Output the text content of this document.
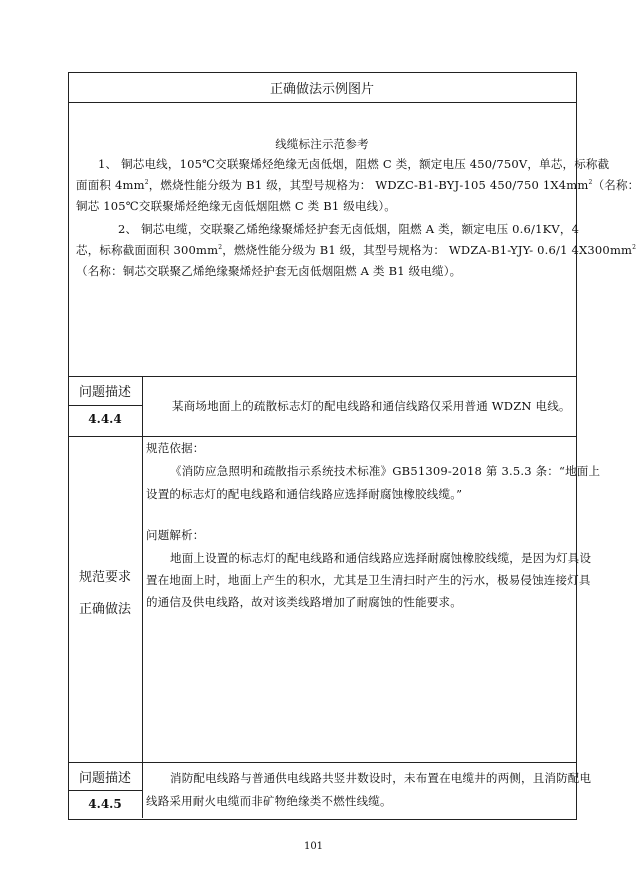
正确做法示例图片
线缆标注示范参考
1、 铜芯电线，105℃交联聚烯烃绝缘无卤低烟，阻燃 C 类，额定电压 450/750V，单芯，标称截
面面积 $4mm^2$，燃烧性能分级为 B1 级，其型号规格为： WDZC-B1-BYJ-105 450/750 $1X4mm^2$（名称：
铜芯 105℃交联聚烯烃绝缘无卤低烟阻燃 C 类 B1 级电线）。
2、 铜芯电缆，交联聚乙烯绝缘聚烯烃护套无卤低烟，阻燃 A 类，额定电压 0.6/1KV，4
芯，标称截面面积 $300mm^2$，燃烧性能分级为 B1 级，其型号规格为： WDZA-B1-YJY- 0.6/1 $4X300mm^2$
（名称：铜芯交联聚乙烯绝缘聚烯烃护套无卤低烟阻燃 A 类 B1 级电缆）。
问题描述
4.4.4
某商场地面上的疏散标志灯的配电线路和通信线路仅采用普通 WDZN 电线。
规范要求
正确做法
规范依据：
《消防应急照明和疏散指示系统技术标准》GB51309-2018 第 3.5.3 条：“地面上
设置的标志灯的配电线路和通信线路应选择耐腐蚀橡胶线缆。”
问题解析：
地面上设置的标志灯的配电线路和通信线路应选择耐腐蚀橡胶线缆，是因为灯具设
置在地面上时，地面上产生的积水，尤其是卫生清扫时产生的污水，极易侵蚀连接灯具
的通信及供电线路，故对该类线路增加了耐腐蚀的性能要求。
问题描述
4.4.5
消防配电线路与普通供电线路共竖井数设时，未布置在电缆井的两侧，且消防配电
线路采用耐火电缆而非矿物绝缘类不燃性线缆。
101
